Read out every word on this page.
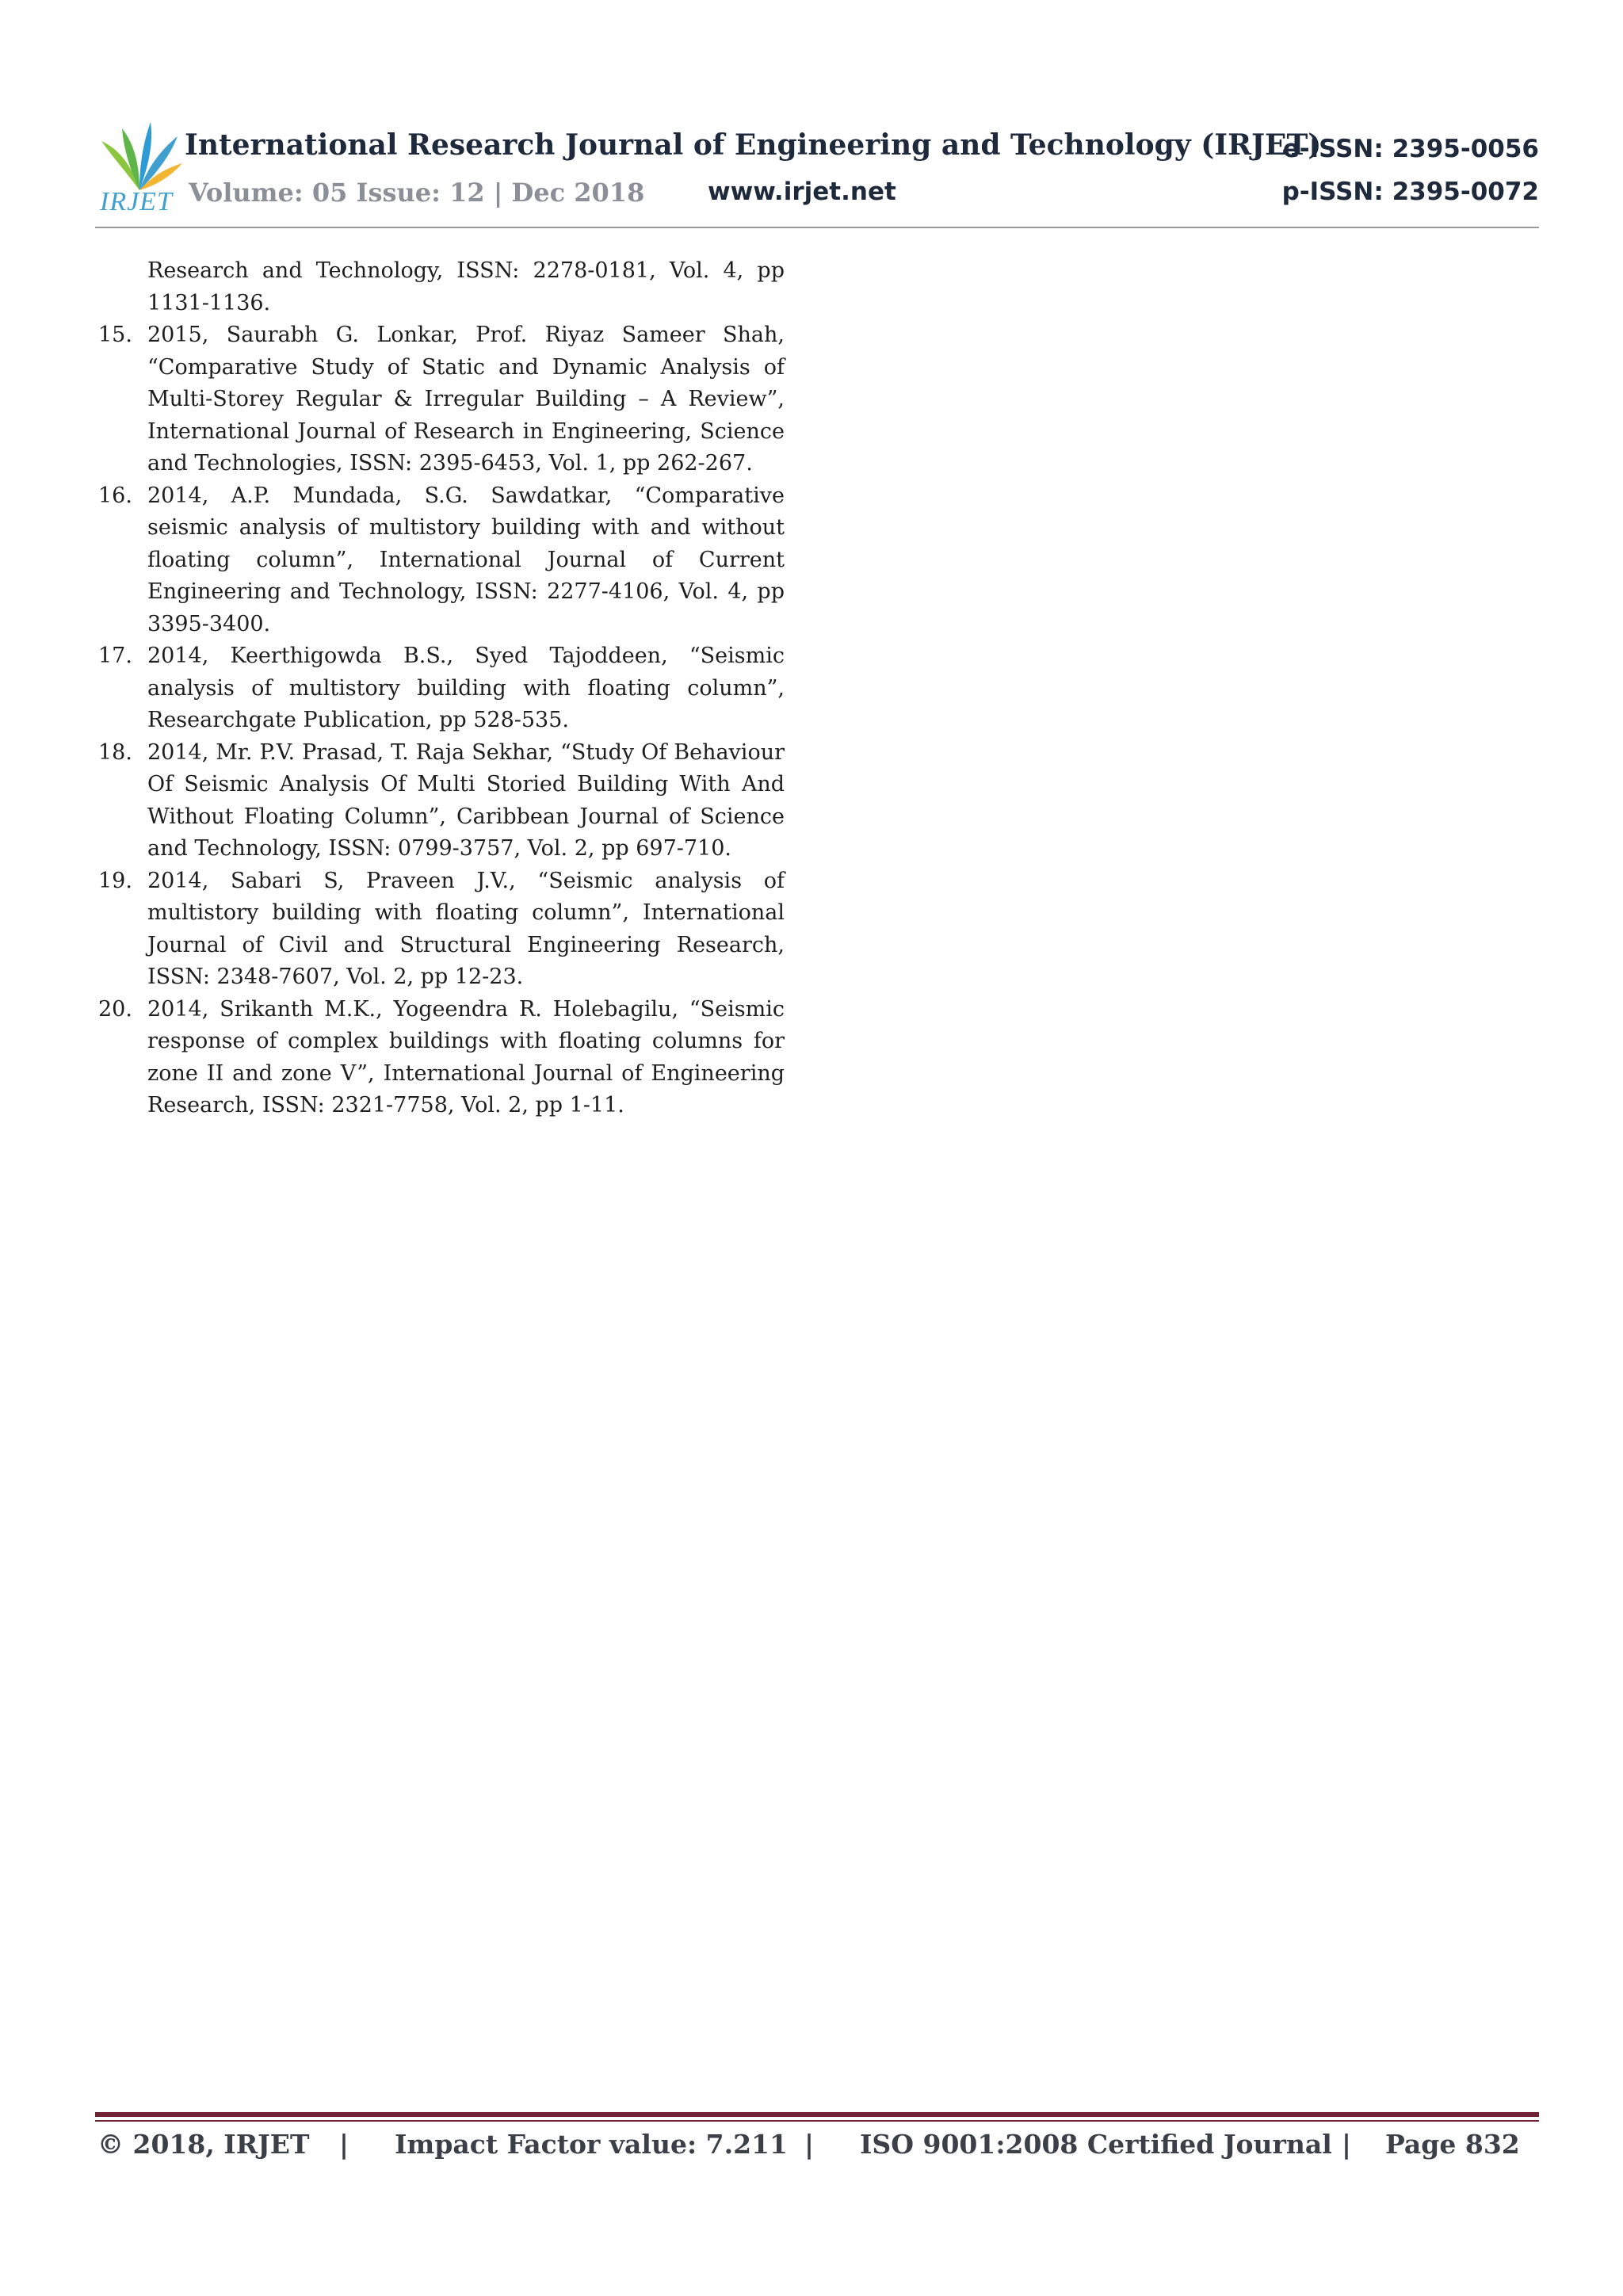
IRJET
International Research Journal of Engineering and Technology (IRJET)
e-ISSN: 2395-0056
Volume: 05 Issue: 12 | Dec 2018	www.irjet.net	p-ISSN: 2395-0072
Research and Technology, ISSN: 2278-0181, Vol. 4, pp 1131-1136.
15. 2015, Saurabh G. Lonkar, Prof. Riyaz Sameer Shah, “Comparative Study of Static and Dynamic Analysis of Multi-Storey Regular & Irregular Building – A Review”, International Journal of Research in Engineering, Science and Technologies, ISSN: 2395-6453, Vol. 1, pp 262-267.
16. 2014, A.P. Mundada, S.G. Sawdatkar, “Comparative seismic analysis of multistory building with and without floating column”, International Journal of Current Engineering and Technology, ISSN: 2277-4106, Vol. 4, pp 3395-3400.
17. 2014, Keerthigowda B.S., Syed Tajoddeen, “Seismic analysis of multistory building with floating column”, Researchgate Publication, pp 528-535.
18. 2014, Mr. P.V. Prasad, T. Raja Sekhar, “Study Of Behaviour Of Seismic Analysis Of Multi Storied Building With And Without Floating Column”, Caribbean Journal of Science and Technology, ISSN: 0799-3757, Vol. 2, pp 697-710.
19. 2014, Sabari S, Praveen J.V., “Seismic analysis of multistory building with floating column”, International Journal of Civil and Structural Engineering Research, ISSN: 2348-7607, Vol. 2, pp 12-23.
20. 2014, Srikanth M.K., Yogeendra R. Holebagilu, “Seismic response of complex buildings with floating columns for zone II and zone V”, International Journal of Engineering Research, ISSN: 2321-7758, Vol. 2, pp 1-11.
© 2018, IRJET | Impact Factor value: 7.211 | ISO 9001:2008 Certified Journal | Page 832
